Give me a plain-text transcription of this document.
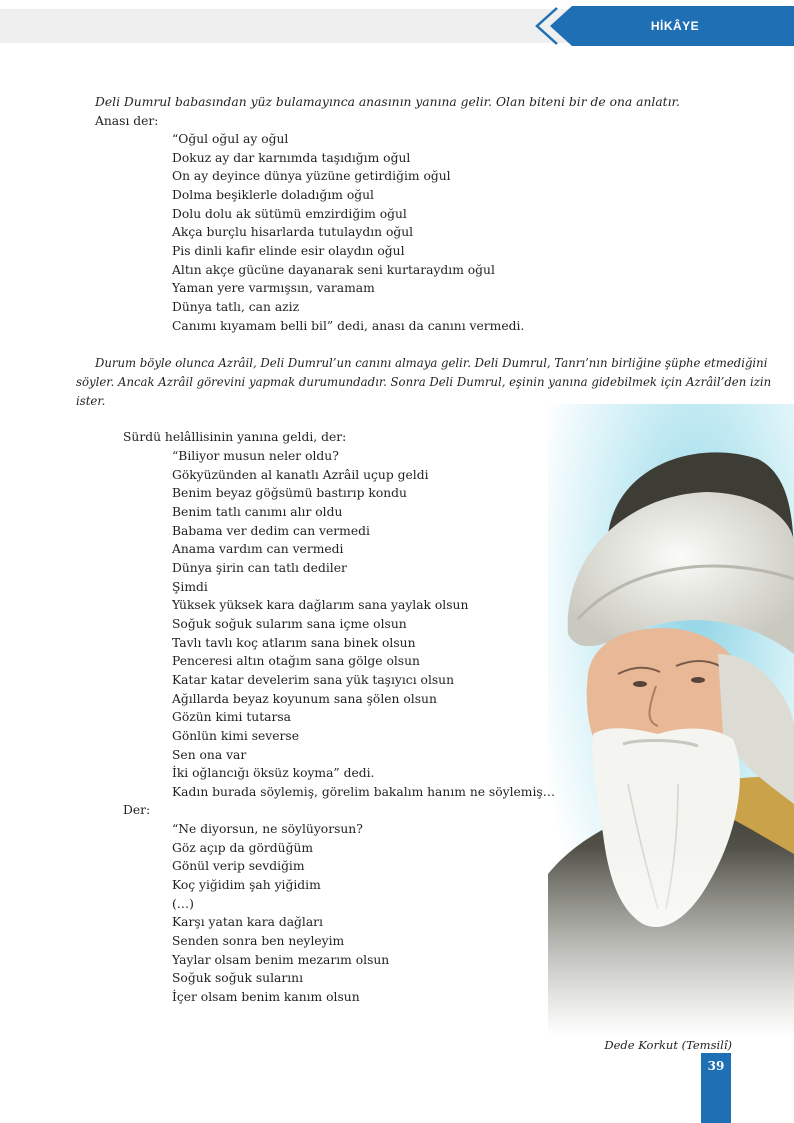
HİKÂYE
Deli Dumrul babasından yüz bulamayınca anasının yanına gelir. Olan biteni bir de ona anlatır.
Anası der:
“Oğul oğul ay oğul
Dokuz ay dar karnımda taşıdığım oğul
On ay deyince dünya yüzüne getirdiğim oğul
Dolma beşiklerle doladığım oğul
Dolu dolu ak sütümü emzirdiğim oğul
Akça burçlu hisarlarda tutulaydın oğul
Pis dinli kafir elinde esir olaydın oğul
Altın akçe gücüne dayanarak seni kurtaraydım oğul
Yaman yere varmışsın, varamam
Dünya tatlı, can aziz
Canımı kıyamam belli bil” dedi, anası da canını vermedi.
Durum böyle olunca Azrâil, Deli Dumrul’un canını almaya gelir. Deli Dumrul, Tanrı’nın birliğine şüphe etmediğini
söyler. Ancak Azrâil görevini yapmak durumundadır. Sonra Deli Dumrul, eşinin yanına gidebilmek için Azrâil’den izin
ister.
Sürdü helâllisinin yanına geldi, der:
“Biliyor musun neler oldu?
Gökyüzünden al kanatlı Azrâil uçup geldi
Benim beyaz göğsümü bastırıp kondu
Benim tatlı canımı alır oldu
Babama ver dedim can vermedi
Anama vardım can vermedi
Dünya şirin can tatlı dediler
Şimdi
Yüksek yüksek kara dağlarım sana yaylak olsun
Soğuk soğuk sularım sana içme olsun
Tavlı tavlı koç atlarım sana binek olsun
Penceresi altın otağım sana gölge olsun
Katar katar develerim sana yük taşıyıcı olsun
Ağıllarda beyaz koyunum sana şölen olsun
Gözün kimi tutarsa
Gönlün kimi severse
Sen ona var
İki oğlancığı öksüz koyma” dedi.
Kadın burada söylemiş, görelim bakalım hanım ne söylemiş…
Der:
“Ne diyorsun, ne söylüyorsun?
Göz açıp da gördüğüm
Gönül verip sevdiğim
Koç yiğidim şah yiğidim
(…)
Karşı yatan kara dağları
Senden sonra ben neyleyim
Yaylar olsam benim mezarım olsun
Soğuk soğuk sularını
İçer olsam benim kanım olsun
Dede Korkut (Temsilî)
39
